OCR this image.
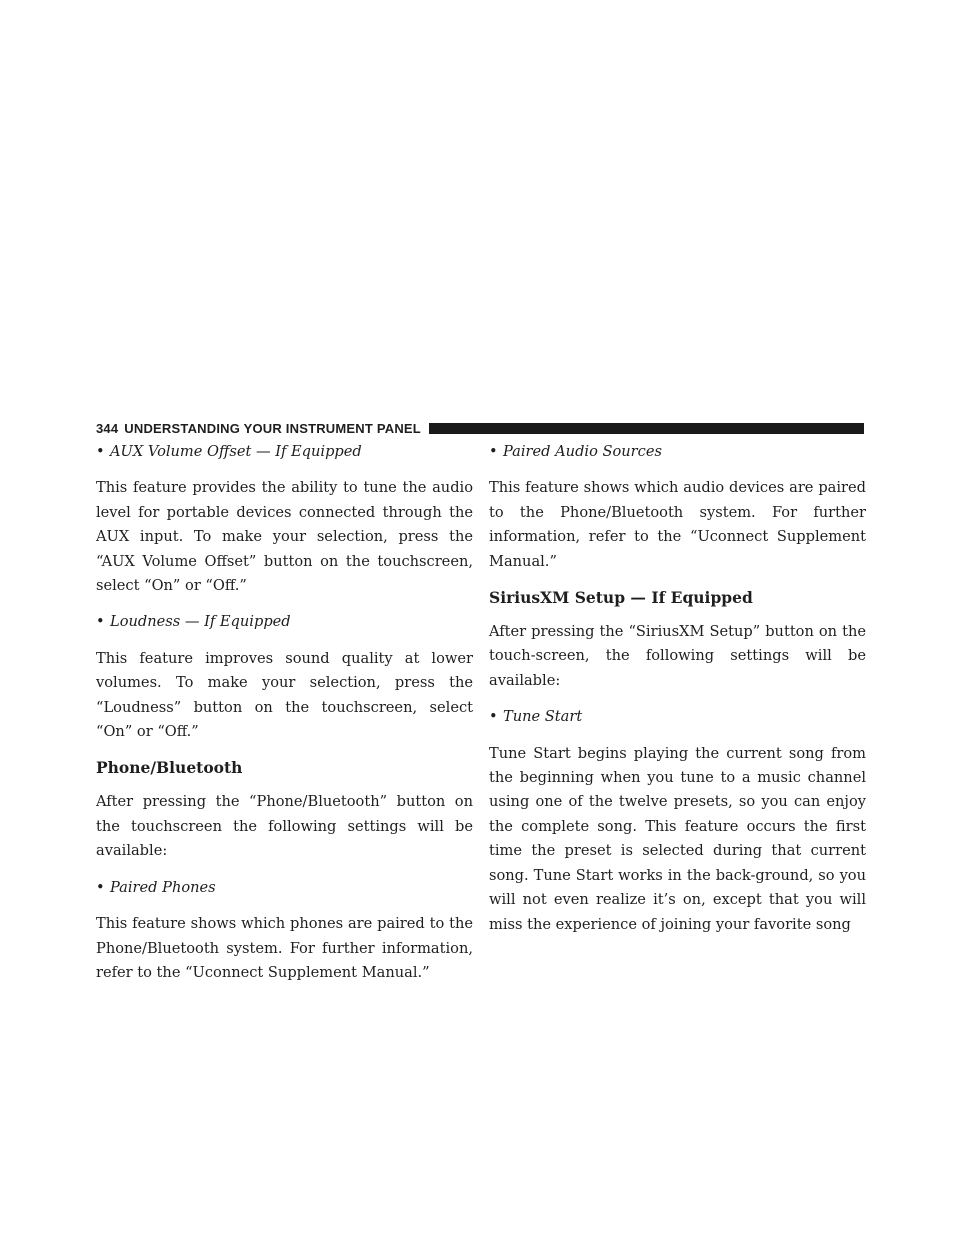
344 UNDERSTANDING YOUR INSTRUMENT PANEL
• AUX Volume Offset — If Equipped

This feature provides the ability to tune the audio level for portable devices connected through the AUX input. To make your selection, press the “AUX Volume Offset” button on the touchscreen, select “On” or “Off.”

• Loudness — If Equipped

This feature improves sound quality at lower volumes. To make your selection, press the “Loudness” button on the touchscreen, select “On” or “Off.”

Phone/Bluetooth

After pressing the “Phone/Bluetooth” button on the touchscreen the following settings will be available:

• Paired Phones

This feature shows which phones are paired to the Phone/Bluetooth system. For further information, refer to the “Uconnect Supplement Manual.”

• Paired Audio Sources

This feature shows which audio devices are paired to the Phone/Bluetooth system. For further information, refer to the “Uconnect Supplement Manual.”

SiriusXM Setup — If Equipped

After pressing the “SiriusXM Setup” button on the touch-screen, the following settings will be available:

• Tune Start

Tune Start begins playing the current song from the beginning when you tune to a music channel using one of the twelve presets, so you can enjoy the complete song. This feature occurs the first time the preset is selected during that current song. Tune Start works in the back-ground, so you will not even realize it’s on, except that you will miss the experience of joining your favorite song
